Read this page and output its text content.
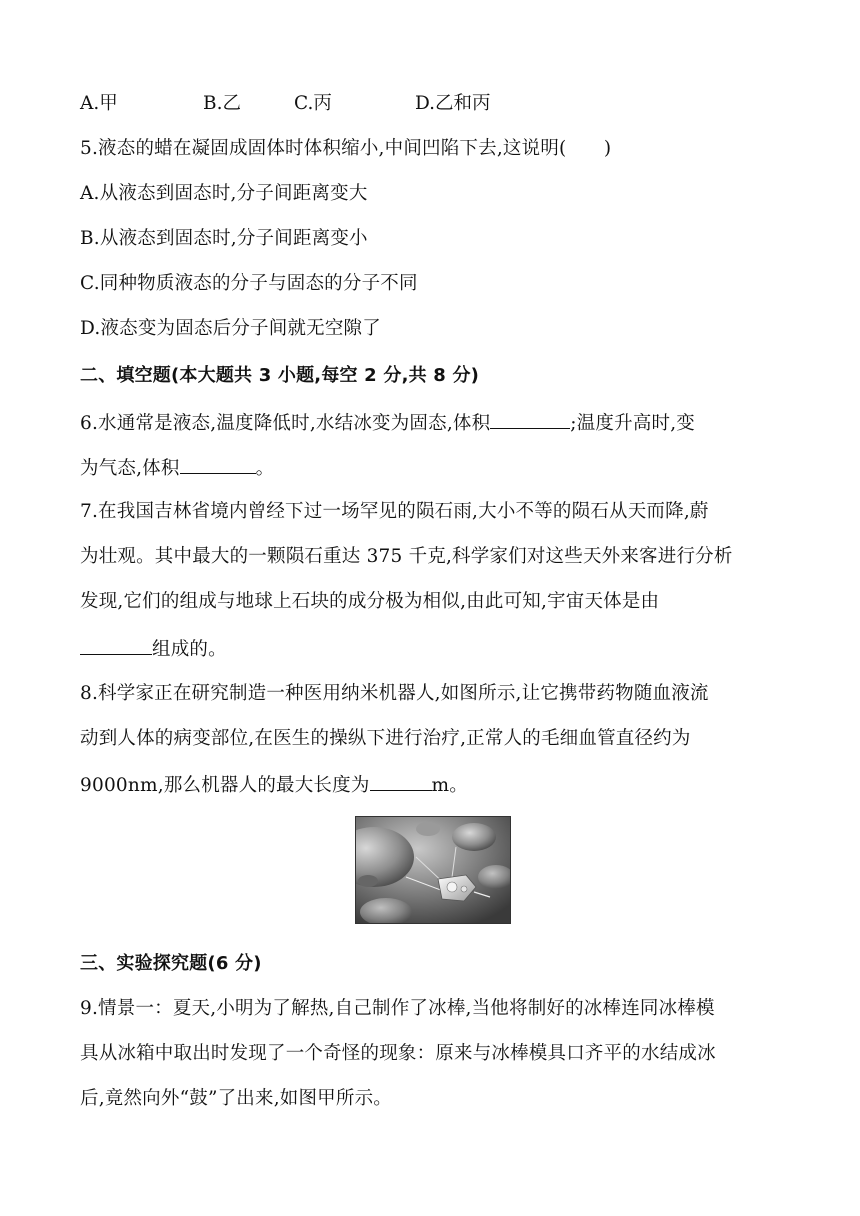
A.甲	B.乙	C.丙	D.乙和丙
5.液态的蜡在凝固成固体时体积缩小,中间凹陷下去,这说明(　　)
A.从液态到固态时,分子间距离变大
B.从液态到固态时,分子间距离变小
C.同种物质液态的分子与固态的分子不同
D.液态变为固态后分子间就无空隙了
二、填空题(本大题共 3 小题,每空 2 分,共 8 分)
6.水通常是液态,温度降低时,水结冰变为固态,体积	;温度升高时,变
为气态,体积	。
7.在我国吉林省境内曾经下过一场罕见的陨石雨,大小不等的陨石从天而降,蔚
为壮观。其中最大的一颗陨石重达 375 千克,科学家们对这些天外来客进行分析
发现,它们的组成与地球上石块的成分极为相似,由此可知,宇宙天体是由
组成的。
8.科学家正在研究制造一种医用纳米机器人,如图所示,让它携带药物随血液流
动到人体的病变部位,在医生的操纵下进行治疗,正常人的毛细血管直径约为
9000nm,那么机器人的最大长度为	m。
三、实验探究题(6 分)
9.情景一：夏天,小明为了解热,自己制作了冰棒,当他将制好的冰棒连同冰棒模
具从冰箱中取出时发现了一个奇怪的现象：原来与冰棒模具口齐平的水结成冰
后,竟然向外“鼓”了出来,如图甲所示。
